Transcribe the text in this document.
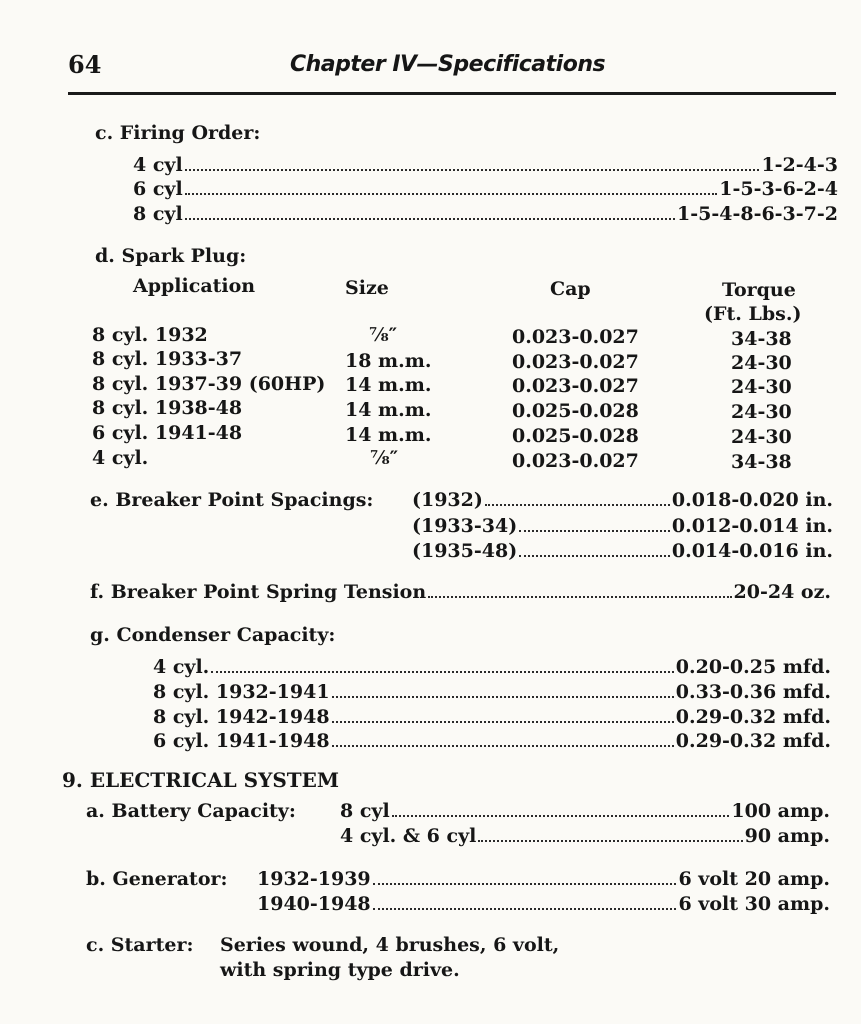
64	Chapter IV—Specifications
c. Firing Order:
4 cyl	1-2-4-3
6 cyl	1-5-3-6-2-4
8 cyl	1-5-4-8-6-3-7-2
d. Spark Plug:
Application	Size	Cap	Torque
(Ft. Lbs.)
8 cyl. 1932	⅞″	0.023-0.027	34-38
8 cyl. 1933-37	18 m.m.	0.023-0.027	24-30
8 cyl. 1937-39 (60HP) 14 m.m.	0.023-0.027	24-30
8 cyl. 1938-48	14 m.m.	0.025-0.028	24-30
6 cyl. 1941-48	14 m.m.	0.025-0.028	24-30
4 cyl.	⅞″	0.023-0.027	34-38
e. Breaker Point Spacings: (1932)	0.018-0.020 in.
(1933-34)	0.012-0.014 in.
(1935-48)	0.014-0.016 in.
f. Breaker Point Spring Tension	20-24 oz.
g. Condenser Capacity:
4 cyl.	0.20-0.25 mfd.
8 cyl. 1932-1941	0.33-0.36 mfd.
8 cyl. 1942-1948	0.29-0.32 mfd.
6 cyl. 1941-1948	0.29-0.32 mfd.
9. ELECTRICAL SYSTEM
a. Battery Capacity: 8 cyl	100 amp.
4 cyl. & 6 cyl	90 amp.
b. Generator: 1932-1939	6 volt 20 amp.
1940-1948	6 volt 30 amp.
c. Starter: Series wound, 4 brushes, 6 volt,
with spring type drive.
